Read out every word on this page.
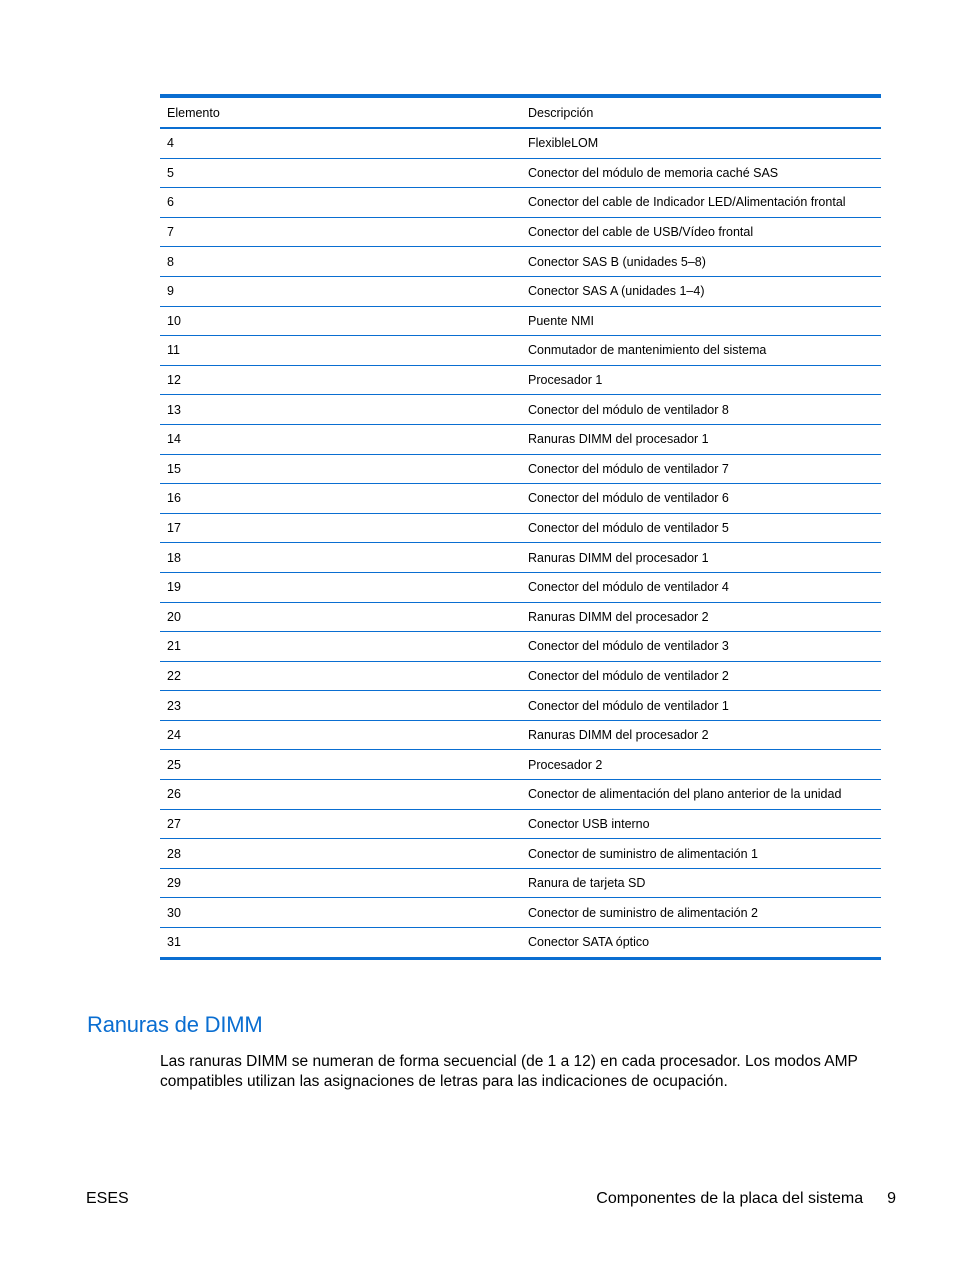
Elemento	Descripción
4	FlexibleLOM
5	Conector del módulo de memoria caché SAS
6	Conector del cable de Indicador LED/Alimentación frontal
7	Conector del cable de USB/Vídeo frontal
8	Conector SAS B (unidades 5–8)
9	Conector SAS A (unidades 1–4)
10	Puente NMI
11	Conmutador de mantenimiento del sistema
12	Procesador 1
13	Conector del módulo de ventilador 8
14	Ranuras DIMM del procesador 1
15	Conector del módulo de ventilador 7
16	Conector del módulo de ventilador 6
17	Conector del módulo de ventilador 5
18	Ranuras DIMM del procesador 1
19	Conector del módulo de ventilador 4
20	Ranuras DIMM del procesador 2
21	Conector del módulo de ventilador 3
22	Conector del módulo de ventilador 2
23	Conector del módulo de ventilador 1
24	Ranuras DIMM del procesador 2
25	Procesador 2
26	Conector de alimentación del plano anterior de la unidad
27	Conector USB interno
28	Conector de suministro de alimentación 1
29	Ranura de tarjeta SD
30	Conector de suministro de alimentación 2
31	Conector SATA óptico
Ranuras de DIMM

Las ranuras DIMM se numeran de forma secuencial (de 1 a 12) en cada procesador. Los modos AMP compatibles utilizan las asignaciones de letras para las indicaciones de ocupación.

ESES	Componentes de la placa del sistema 9
